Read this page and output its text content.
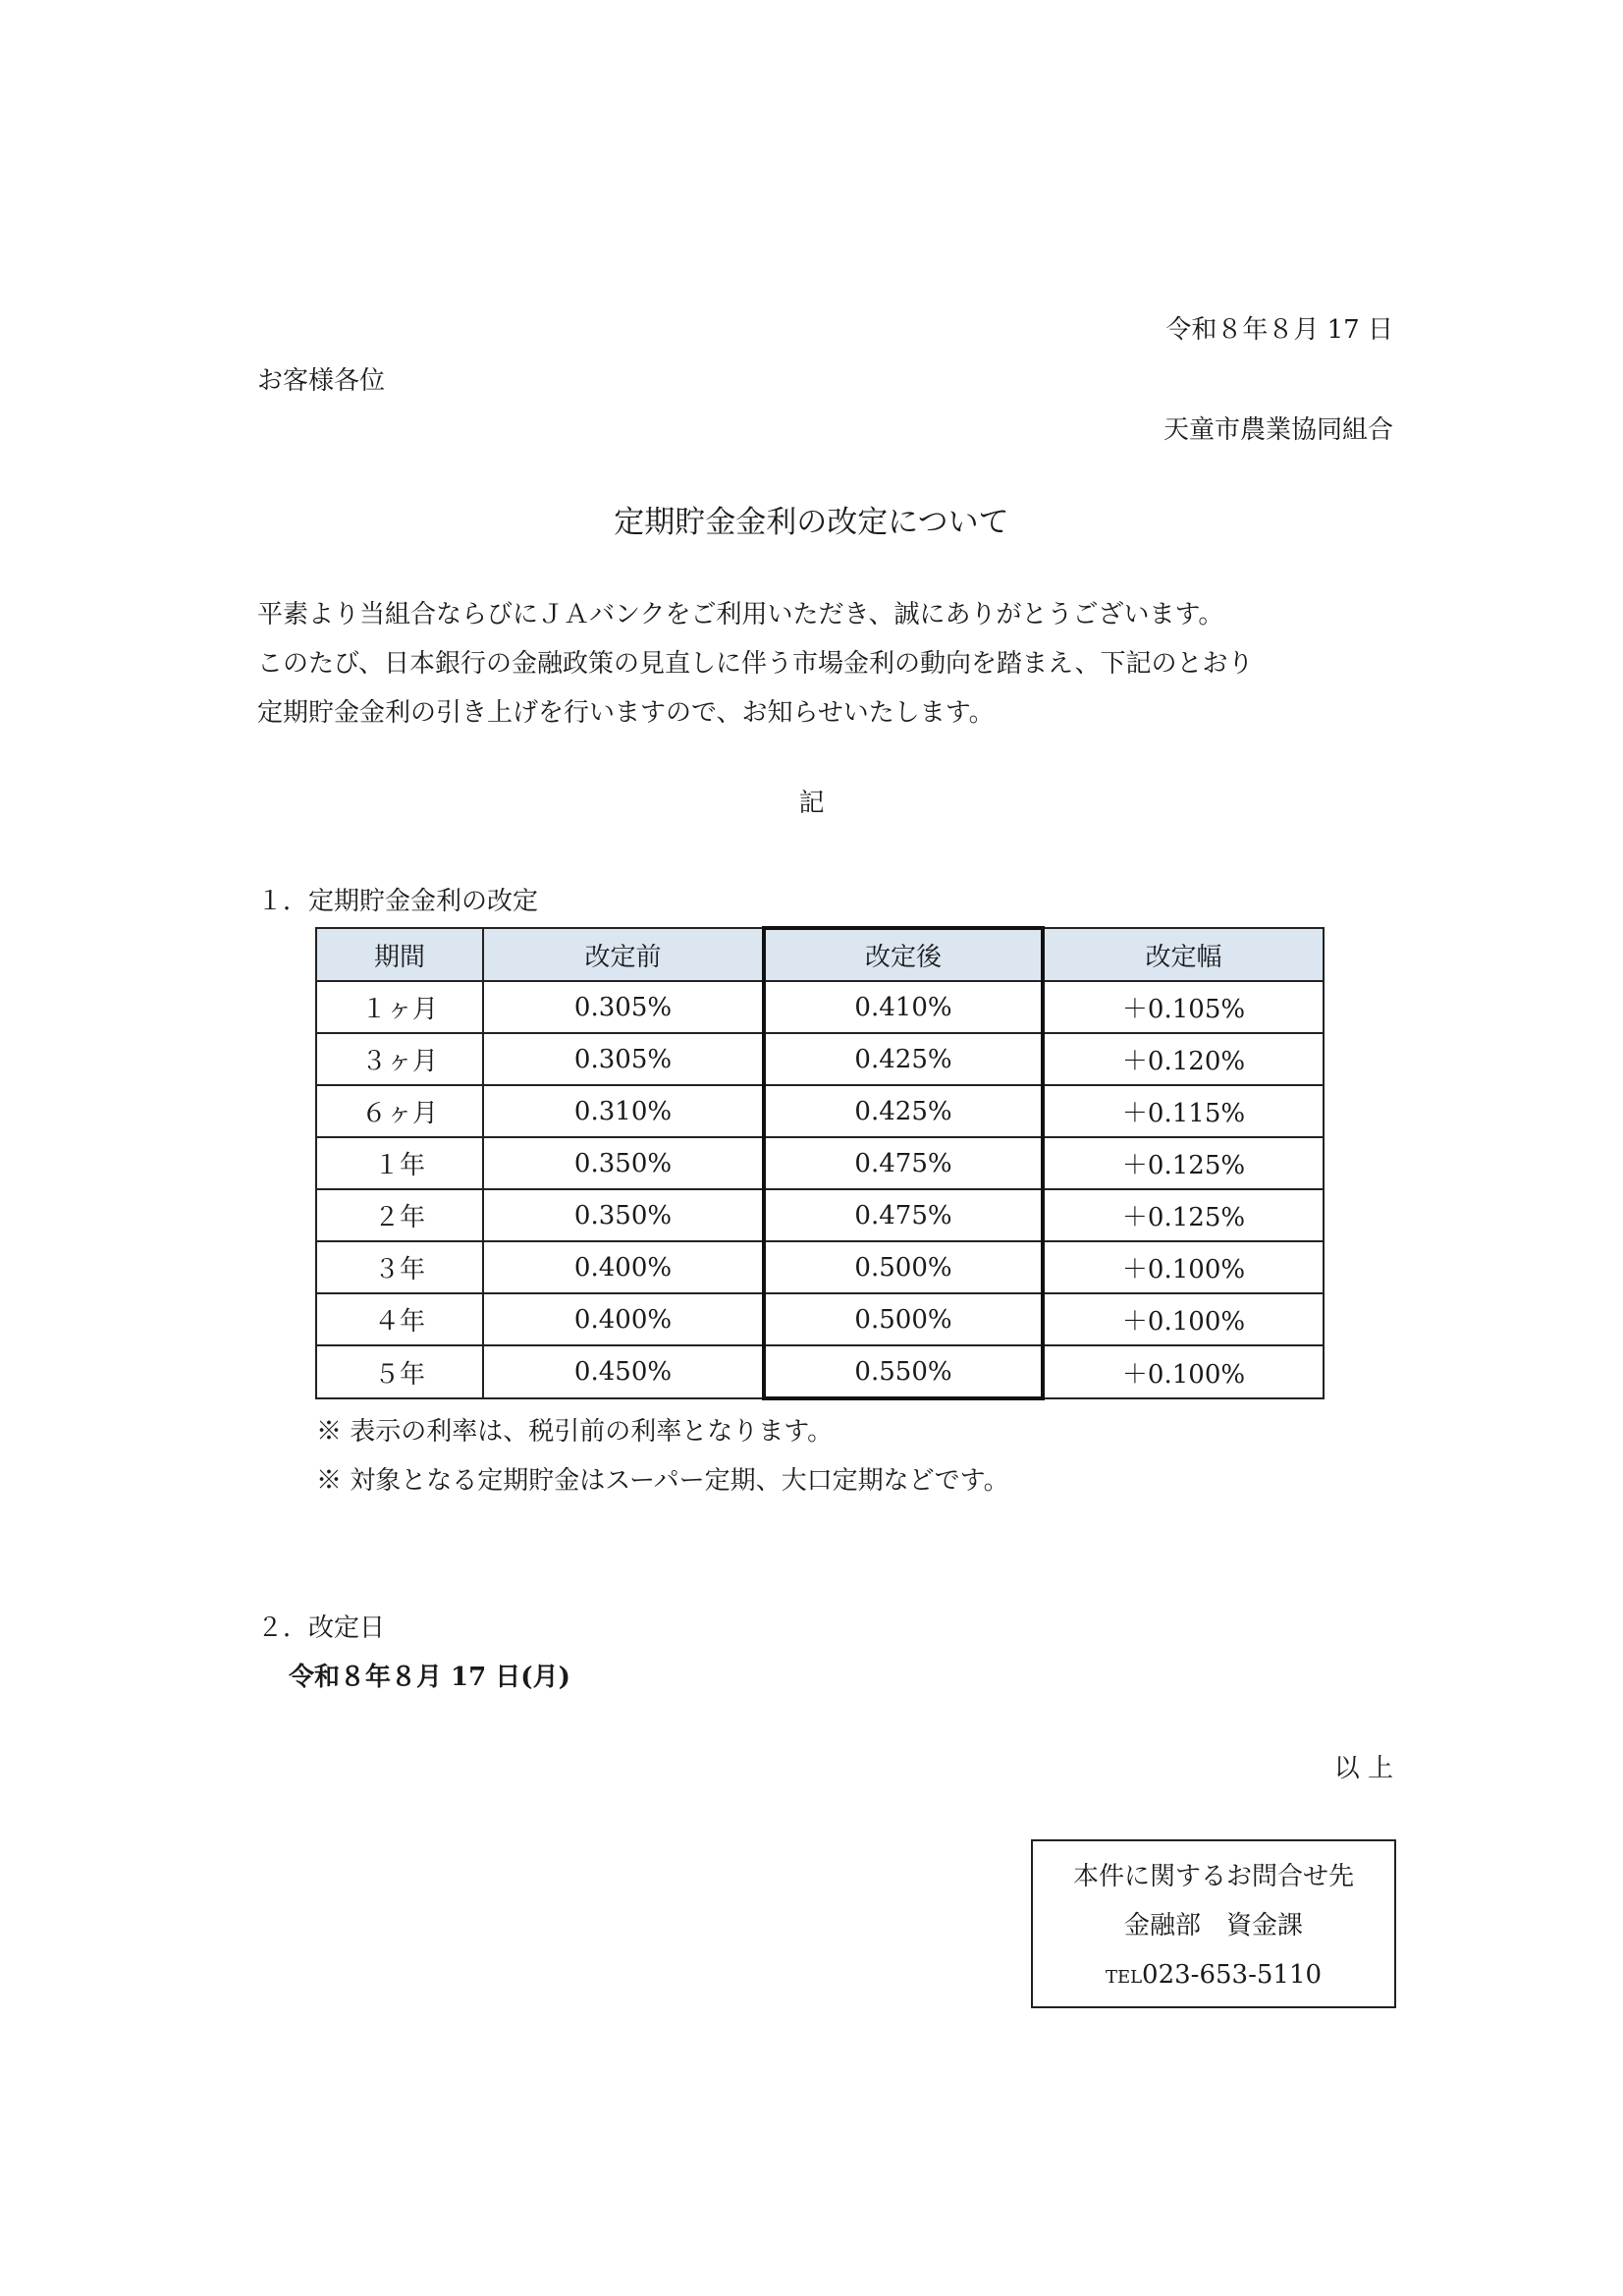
令和８年８月 17 日
お客様各位
天童市農業協同組合
定期貯金金利の改定について
平素より当組合ならびにＪＡバンクをご利用いただき、誠にありがとうございます。
このたび、日本銀行の金融政策の見直しに伴う市場金利の動向を踏まえ、下記のとおり
定期貯金金利の引き上げを行いますので、お知らせいたします。
記
１．定期貯金金利の改定
期間	改定前	改定後	改定幅
１ヶ月	0.305%	0.410%	＋0.105%
３ヶ月	0.305%	0.425%	＋0.120%
６ヶ月	0.310%	0.425%	＋0.115%
１年	0.350%	0.475%	＋0.125%
２年	0.350%	0.475%	＋0.125%
３年	0.400%	0.500%	＋0.100%
４年	0.400%	0.500%	＋0.100%
５年	0.450%	0.550%	＋0.100%
※ 表示の利率は、税引前の利率となります。
※ 対象となる定期貯金はスーパー定期、大口定期などです。
２．改定日
令和８年８月 17 日(月)
以 上
本件に関するお問合せ先
金融部　資金課
TEL023-653-5110
